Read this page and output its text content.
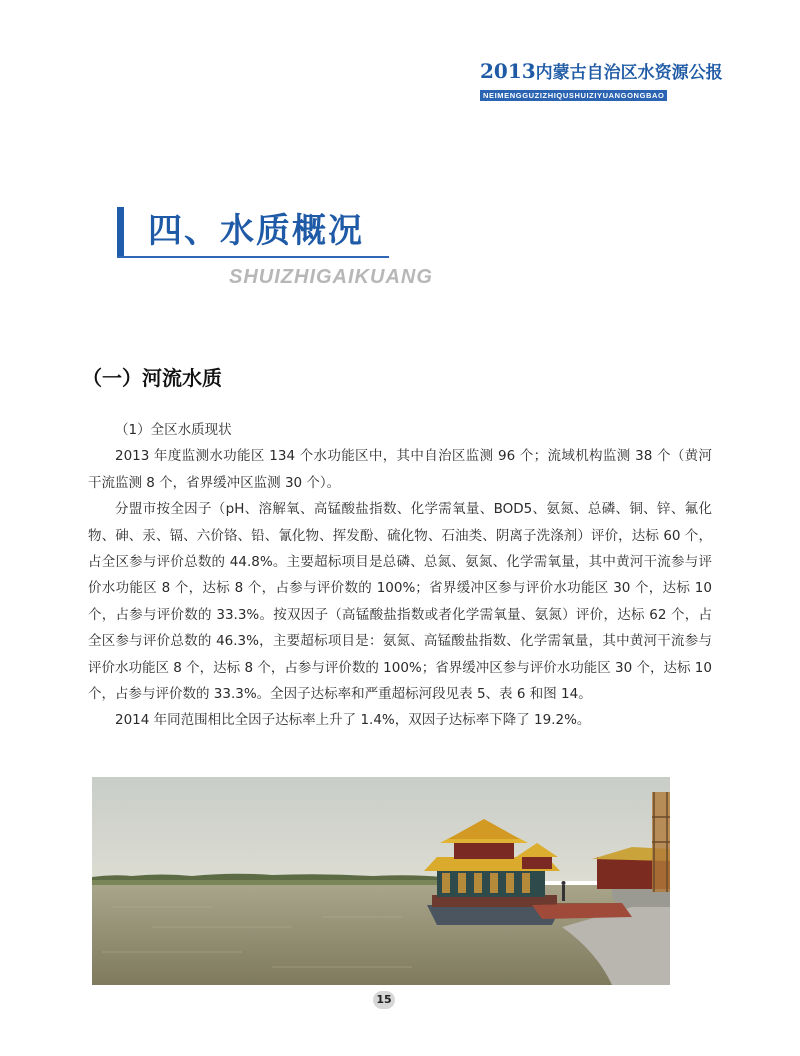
2013内蒙古自治区水资源公报
NEIMENGGUZIZHIQUSHUIZIYUANGONGBAO
四、水质概况
SHUIZHIGAIKUANG
（一）河流水质

（1）全区水质现状

2013 年度监测水功能区 134 个水功能区中，其中自治区监测 96 个；流域机构监测 38 个（黄河干流监测 8 个，省界缓冲区监测 30 个）。

分盟市按全因子（pH、溶解氧、高锰酸盐指数、化学需氧量、BOD5、氨氮、总磷、铜、锌、氟化物、砷、汞、镉、六价铬、铅、氰化物、挥发酚、硫化物、石油类、阴离子洗涤剂）评价，达标 60 个，占全区参与评价总数的 44.8%。主要超标项目是总磷、总氮、氨氮、化学需氧量，其中黄河干流参与评价水功能区 8 个，达标 8 个，占参与评价数的 100%；省界缓冲区参与评价水功能区 30 个，达标 10 个，占参与评价数的 33.3%。按双因子（高锰酸盐指数或者化学需氧量、氨氮）评价，达标 62 个，占全区参与评价总数的 46.3%，主要超标项目是：氨氮、高锰酸盐指数、化学需氧量，其中黄河干流参与评价水功能区 8 个，达标 8 个，占参与评价数的 100%；省界缓冲区参与评价水功能区 30 个，达标 10 个，占参与评价数的 33.3%。全因子达标率和严重超标河段见表 5、表 6 和图 14。

2014 年同范围相比全因子达标率上升了 1.4%，双因子达标率下降了 19.2%。

15
